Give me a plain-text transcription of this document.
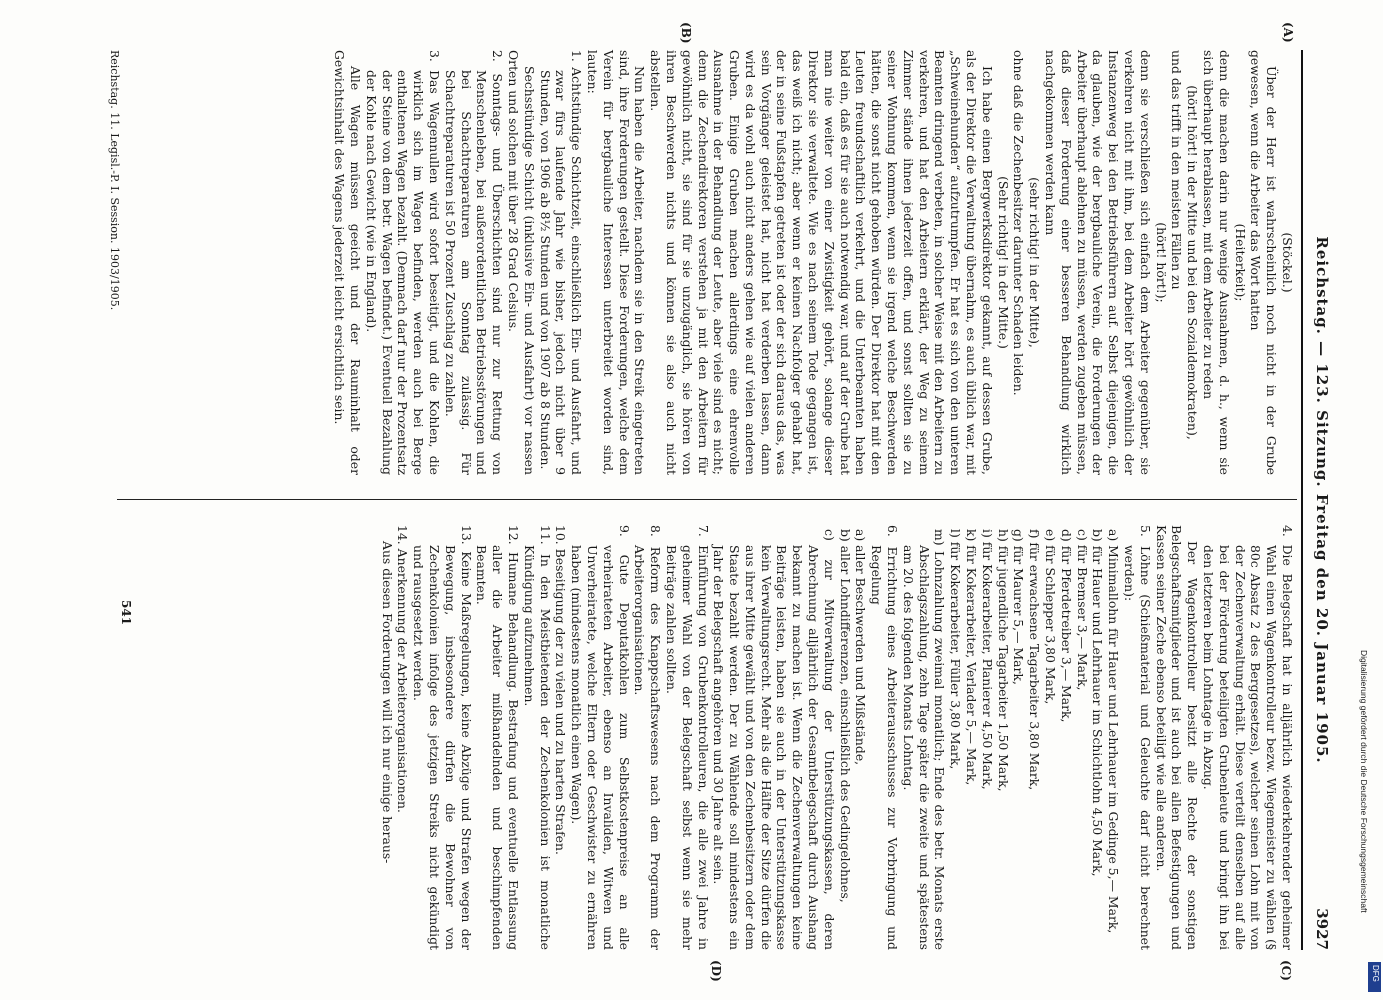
Reichstag. — 123. Sitzung. Freitag den 20. Januar 1905.
3927
(A)
(B)
(C)
(D)

(Stöckel.)

Über der Herr ist wahrscheinlich noch nicht in der Grube gewesen, wenn die Arbeiter das Wort hatten

(Heiterkeit);

denn die machen darin nur wenige Ausnahmen, d. h., wenn sie sich überhaupt herablassen, mit dem Arbeiter zu reden

(hört! hört! in der Mitte und bei den Sozialdemokraten),

und das trifft in den meisten Fällen zu

(hört! hört!);

denn sie verschließen sich einfach dem Arbeiter gegenüber, sie verkehren nicht mit ihm, bei dem Arbeiter hört gewöhnlich der Instanzenweg bei den Betriebsführern auf. Selbst diejenigen, die da glauben, wie der bergbauliche Verein, die Forderungen der Arbeiter überhaupt ablehnen zu müssen, werden zugeben müssen, daß dieser Forderung einer besseren Behandlung wirklich nachgekommen werden kann

(sehr richtig! in der Mitte),

ohne daß die Zechenbesitzer darunter Schaden leiden.

(Sehr richtig! in der Mitte.)

Ich habe einen Bergwerksdirektor gekannt, auf dessen Grube, als der Direktor die Verwaltung übernahm, es auch üblich war, mit „Schweinehunden“ aufzutrumpfen. Er hat es sich von den unteren Beamten dringend verbeten, in solcher Weise mit den Arbeitern zu verkehren, und hat den Arbeitern erklärt, der Weg zu seinem Zimmer stände ihnen jederzeit offen, und sonst sollten sie zu seiner Wohnung kommen, wenn sie irgend welche Beschwerden hätten, die sonst nicht gehoben würden. Der Direktor hat mit den Leuten freundschaftlich verkehrt, und die Unterbeamten haben bald ein, daß es für sie auch notwendig war, und auf der Grube hat man nie weiter von einer Zwistigkeit gehört, solange dieser Direktor sie verwaltete. Wie es nach seinem Tode gegangen ist, das weiß ich nicht; aber wenn er keinen Nachfolger gehabt hat, der in seine Fußstapfen getreten ist oder der sich daraus das, was sein Vorgänger geleistet hat, nicht hat verderben lassen, dann wird es da wohl auch nicht anders gehen wie auf vielen anderen Gruben. Einige Gruben machen allerdings eine ehrenvolle Ausnahme in der Behandlung der Leute, aber viele sind es nicht; denn die Zechendirektoren verstehen ja mit den Arbeitern für gewöhnlich nicht, sie sind für sie unzugänglich, sie hören von ihren Beschwerden nichts und können sie also auch nicht abstellen.

Nun haben die Arbeiter, nachdem sie in den Streik eingetreten sind, ihre Forderungen gestellt. Diese Forderungen, welche dem Verein für bergbauliche Interessen unterbreitet worden sind, lauten:

1. Achtstündige Schichtzeit, einschließlich Ein- und Ausfahrt, und zwar fürs laufende Jahr wie bisher, jedoch nicht über 9 Stunden, von 1906 ab 8½ Stunden und von 1907 ab 8 Stunden.

Sechsstündige Schicht (inklusive Ein- und Ausfahrt) vor nassen Orten und solchen mit über 28 Grad Celsius.

2. Sonntags- und Überschichten sind nur zur Rettung von Menschenleben, bei außerordentlichen Betriebsstörungen und bei Schachtreparaturen am Sonntag zulässig. Für Schachtreparaturen ist 50 Prozent Zuschlag zu zahlen.

3. Das Wagennullen wird sofort beseitigt, und die Kohlen, die wirklich sich im Wagen befinden, werden auch bei Berge enthaltenen Wagen bezahlt. (Demnach darf nur der Prozentsatz der Steine von dem betr. Wagen befindet.) Eventuell Bezahlung der Kohle nach Gewicht (wie in England).

Alle Wagen müssen geeicht und der Rauminhalt oder Gewichtsinhalt des Wagens jederzeit leicht ersichtlich sein.

4. Die Belegschaft hat in alljährlich wiederkehrender geheimer Wahl einen Wagenkontrolleur bezw. Wiegemeister zu wählen (§ 80c Absatz 2 des Berggesetzes), welcher seinen Lohn mit von der Zechenverwaltung erhält. Diese verteilt denselben auf alle bei der Förderung beteiligten Grubenleute und bringt ihn bei den letzteren beim Lohntage in Abzug.

Der Wagenkontrolleur besitzt alle Rechte der sonstigen Belegschaftsmitglieder und ist auch bei allen Befestigungen und Kassen seiner Zeche ebenso beteiligt wie alle anderen.

5. Löhne (Schießmaterial und Geleuchte darf nicht berechnet werden):

a) Minimallohn für Hauer und Lehrhauer im Gedinge 5,— Mark,

b) für Hauer und Lehrhauer im Schichtlohn 4,50 Mark,

c) für Bremser 3,— Mark,

d) für Pferdetreiber 3,— Mark,

e) für Schlepper 3,80 Mark,

f) für erwachsene Tagarbeiter 3,80 Mark,

g) für Maurer 5,— Mark,

h) für jugendliche Tagarbeiter 1,50 Mark,

i) für Kokerarbeiter, Planierer 4,50 Mark,

k) für Kokerarbeiter, Verlader 5,— Mark,

l) für Kokerarbeiter, Füller 3,80 Mark,

m) Lohnzahlung zweimal monatlich; Ende des betr. Monats erste Abschlagszahlung, zehn Tage später die zweite und spätestens am 20. des folgenden Monats Lohntag.

6. Errichtung eines Arbeiterausschusses zur Vorbringung und Regelung

a) aller Beschwerden und Mißstände,

b) aller Lohndifferenzen, einschließlich des Gedingelohnes,

c) zur Mitverwaltung der Unterstützungskassen, deren Abrechnung alljährlich der Gesamtbelegschaft durch Aushang bekannt zu machen ist. Wenn die Zechenverwaltungen keine Beiträge leisten, haben sie auch in der Unterstützungskasse kein Verwaltungsrecht. Mehr als die Hälfte der Sitze dürfen die aus ihrer Mitte gewählt und von den Zechenbesitzern oder dem Staate bezahlt werden. Der zu Wählende soll mindestens ein Jahr der Belegschaft angehören und 30 Jahre alt sein.

7. Einführung von Grubenkontrolleuren, die alle zwei Jahre in geheimer Wahl von der Belegschaft selbst wenn sie mehr Beiträge zahlen sollten.

8. Reform des Knappschaftswesens nach dem Programm der Arbeiterorganisationen.

9. Gute Deputatkohlen zum Selbstkostenpreise an alle verheirateten Arbeiter, ebenso an Invaliden, Witwen und Unverheiratete, welche Eltern oder Geschwister zu ernähren haben (mindestens monatlich einen Wagen).

10. Beseitigung der zu vielen und zu harten Strafen.

11. In den Meistbietenden der Zechenkolonien ist monatliche Kündigung aufzunehmen.

12. Humane Behandlung. Bestrafung und eventuelle Entlassung aller die Arbeiter mißhandelnden und beschimpfenden Beamten.

13. Keine Maßregelungen, keine Abzüge und Strafen wegen der Bewegung, insbesondere dürfen die Bewohner von Zechenkolonien infolge des jetzigen Streiks nicht gekündigt und rausgesetzt werden.

14. Anerkennung der Arbeiterorganisationen.

Aus diesen Forderungen will ich nur einige heraus-

Reichstag. 11. Legisl.-P. I. Session. 1903/1905.
541
Digitalisierung gefördert durch die Deutsche Forschungsgemeinschaft
DFG
